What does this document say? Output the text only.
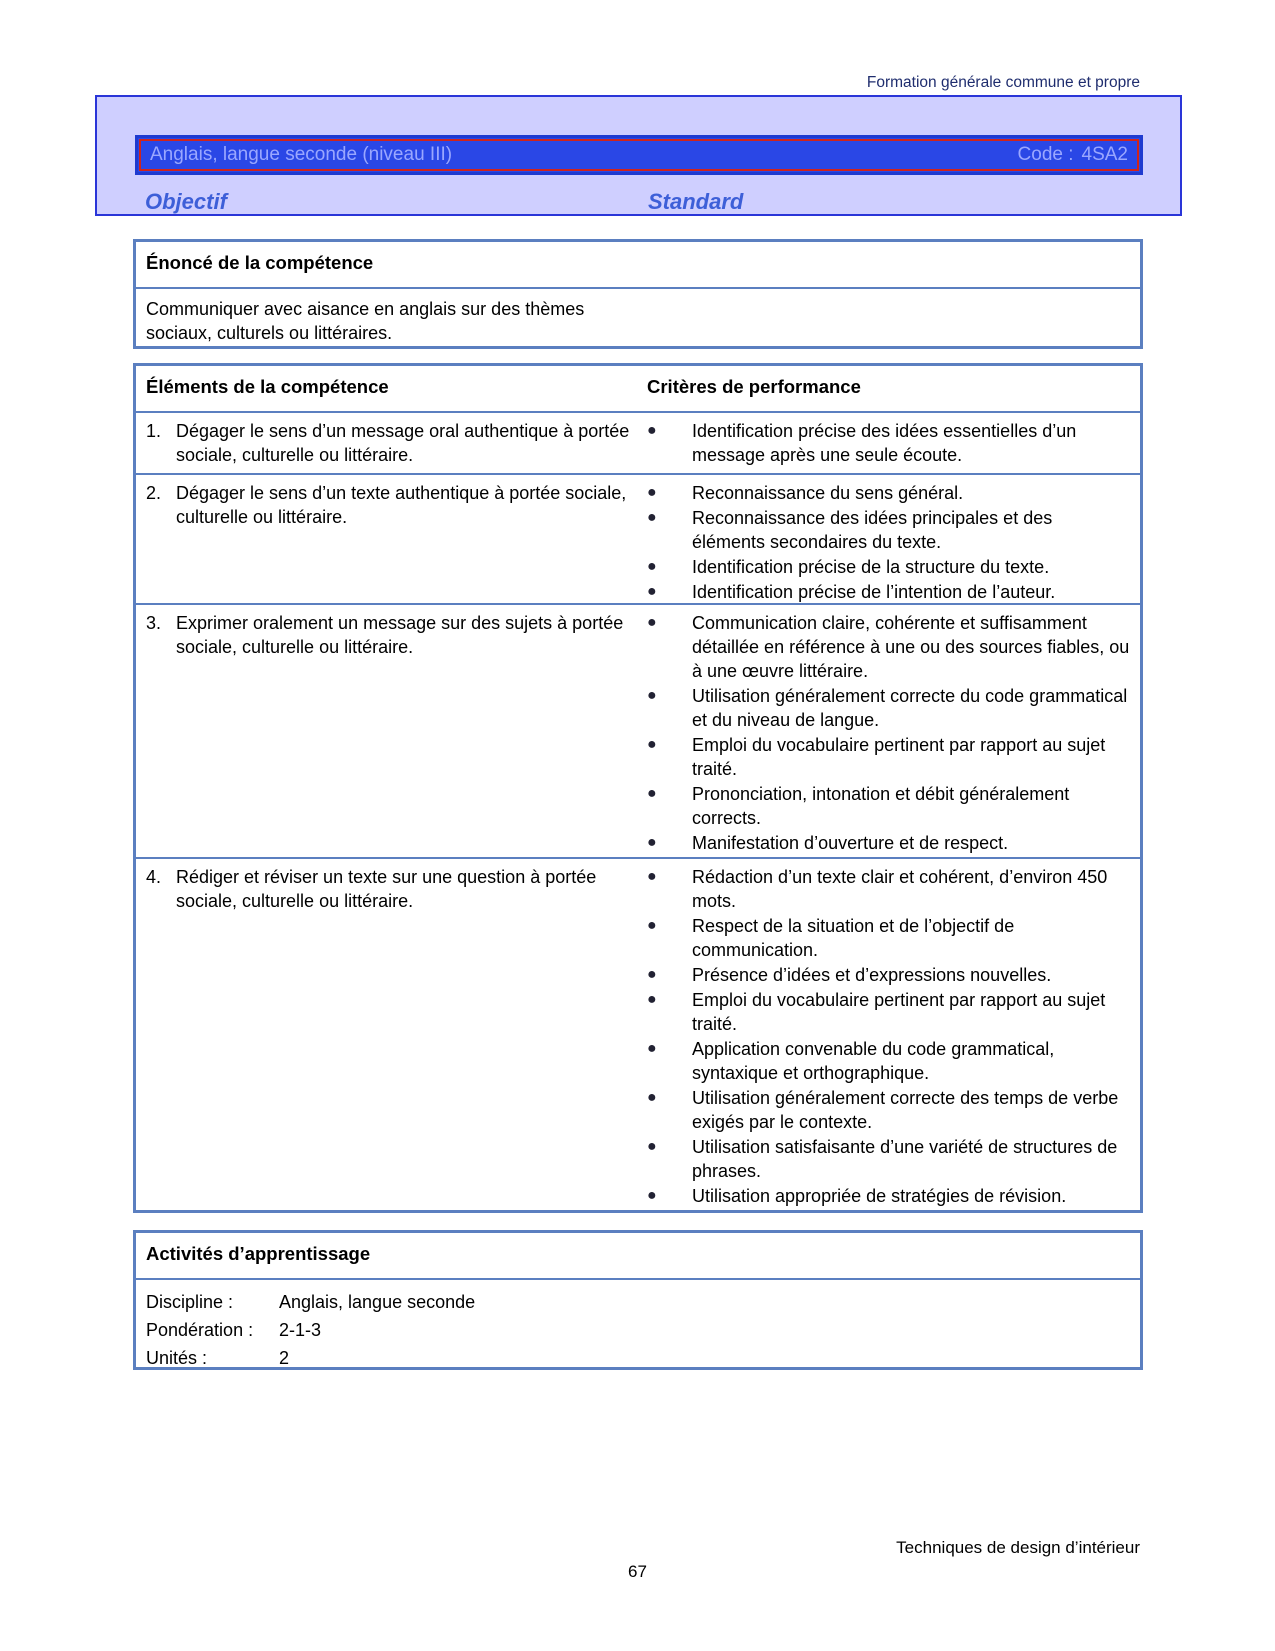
Formation générale commune et propre
Anglais, langue seconde (niveau III)	Code : 4SA2
Objectif	Standard
Énoncé de la compétence
Communiquer avec aisance en anglais sur des thèmes sociaux, culturels ou littéraires.
Éléments de la compétence	Critères de performance
1. Dégager le sens d’un message oral authentique à portée sociale, culturelle ou littéraire.
●	Identification précise des idées essentielles d’un message après une seule écoute.
2. Dégager le sens d’un texte authentique à portée sociale, culturelle ou littéraire.
●	Reconnaissance du sens général.
●	Reconnaissance des idées principales et des éléments secondaires du texte.
●	Identification précise de la structure du texte.
●	Identification précise de l’intention de l’auteur.
3. Exprimer oralement un message sur des sujets à portée sociale, culturelle ou littéraire.
●	Communication claire, cohérente et suffisamment détaillée en référence à une ou des sources fiables, ou à une œuvre littéraire.
●	Utilisation généralement correcte du code grammatical et du niveau de langue.
●	Emploi du vocabulaire pertinent par rapport au sujet traité.
●	Prononciation, intonation et débit généralement corrects.
●	Manifestation d’ouverture et de respect.
4. Rédiger et réviser un texte sur une question à portée sociale, culturelle ou littéraire.
●	Rédaction d’un texte clair et cohérent, d’environ 450 mots.
●	Respect de la situation et de l’objectif de communication.
●	Présence d’idées et d’expressions nouvelles.
●	Emploi du vocabulaire pertinent par rapport au sujet traité.
●	Application convenable du code grammatical, syntaxique et orthographique.
●	Utilisation généralement correcte des temps de verbe exigés par le contexte.
●	Utilisation satisfaisante d’une variété de structures de phrases.
●	Utilisation appropriée de stratégies de révision.
Activités d’apprentissage
Discipline :	Anglais, langue seconde
Pondération :	2-1-3
Unités :	2
Techniques de design d’intérieur
67
